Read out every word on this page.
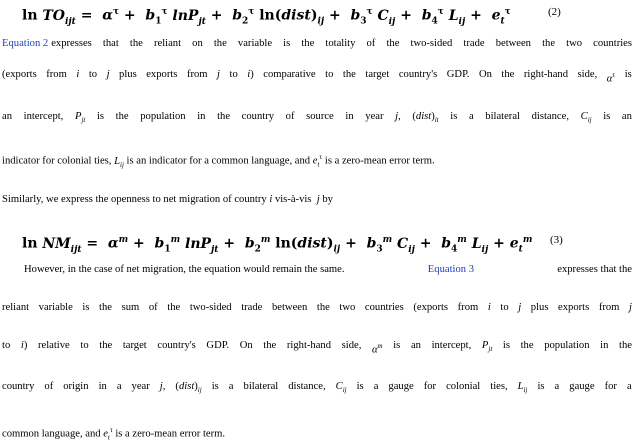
$\ln TO_{ijt} = \alpha^\tau + b_1^\tau$ $\ln P_{jt} + b_2^\tau$ $\ln(dist)_{ij} + b_3^\tau$ $C_{ij} + b_4^\tau$ $L_{ij} + e_t^\tau$	(2)
Equation 2 expresses that the reliant on the variable is the totality of the two-sided trade between the two countries
(exports from i to j plus exports from j to i) comparative to the target country's GDP. On the right-hand side, $\alpha^\tau$ is
an intercept, $P_{jt}$ is the population in the country of source in year j, $(dist)_{it}$ is a bilateral distance, $C_{ij}$ is an
indicator for colonial ties, $L_{ij}$ is an indicator for a common language, and $e_t^\tau$ is a zero-mean error term.
Similarly, we express the openness to net migration of country i vis-à-vis  j by
$\ln NM_{ijt} = \alpha^m + b_1^m$ $\ln P_{jt} + b_2^m$ $\ln(dist)_{ij} + b_3^m$ $C_{ij} + b_4^m$ $L_{ij} + e_t^m$ (3)
However, in the case of net migration, the equation would remain the same.	Equation 3	expresses that the
reliant variable is the sum of the two-sided trade between the two countries (exports from i to j plus exports from j
to i) relative to the target country's GDP. On the right-hand side, $\alpha^m$ is an intercept, $P_{jt}$ is the population in the
country of origin in a year j, $(dist)_{ij}$ is a bilateral distance, $C_{ij}$ is a gauge for colonial ties, $L_{ij}$ is a gauge for a
common language, and $e_t^\tau$ is a zero-mean error term.
